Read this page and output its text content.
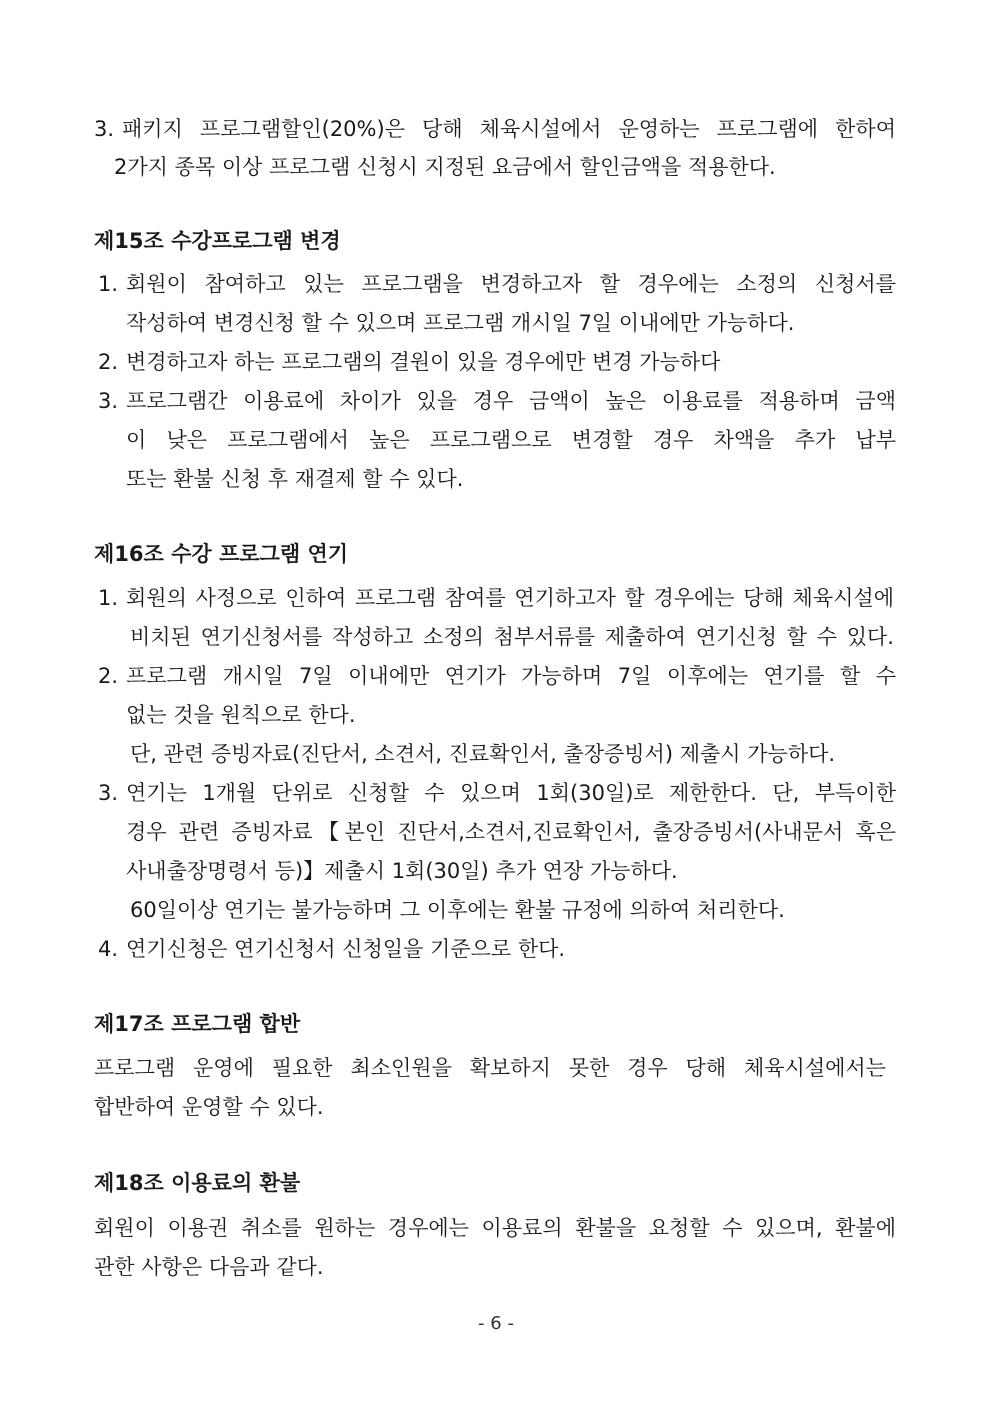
3. 패키지 프로그램할인(20%)은 당해 체육시설에서 운영하는 프로그램에 한하여
2가지 종목 이상 프로그램 신청시 지정된 요금에서 할인금액을 적용한다.
제15조 수강프로그램 변경
1. 회원이 참여하고 있는 프로그램을 변경하고자 할 경우에는 소정의 신청서를
작성하여 변경신청 할 수 있으며 프로그램 개시일 7일 이내에만 가능하다.
2. 변경하고자 하는 프로그램의 결원이 있을 경우에만 변경 가능하다
3. 프로그램간 이용료에 차이가 있을 경우 금액이 높은 이용료를 적용하며 금액
이 낮은 프로그램에서 높은 프로그램으로 변경할 경우 차액을 추가 납부
또는 환불 신청 후 재결제 할 수 있다.
제16조 수강 프로그램 연기
1. 회원의 사정으로 인하여 프로그램 참여를 연기하고자 할 경우에는 당해 체육시설에
비치된 연기신청서를 작성하고 소정의 첨부서류를 제출하여 연기신청 할 수 있다.
2. 프로그램 개시일 7일 이내에만 연기가 가능하며 7일 이후에는 연기를 할 수
없는 것을 원칙으로 한다.
단, 관련 증빙자료(진단서, 소견서, 진료확인서, 출장증빙서) 제출시 가능하다.
3. 연기는 1개월 단위로 신청할 수 있으며 1회(30일)로 제한한다. 단, 부득이한
경우 관련 증빙자료【본인 진단서,소견서,진료확인서, 출장증빙서(사내문서 혹은
사내출장명령서 등)】제출시 1회(30일) 추가 연장 가능하다.
60일이상 연기는 불가능하며 그 이후에는 환불 규정에 의하여 처리한다.
4. 연기신청은 연기신청서 신청일을 기준으로 한다.
제17조 프로그램 합반
프로그램 운영에 필요한 최소인원을 확보하지 못한 경우 당해 체육시설에서는
합반하여 운영할 수 있다.
제18조 이용료의 환불
회원이 이용권 취소를 원하는 경우에는 이용료의 환불을 요청할 수 있으며, 환불에
관한 사항은 다음과 같다.
- 6 -
